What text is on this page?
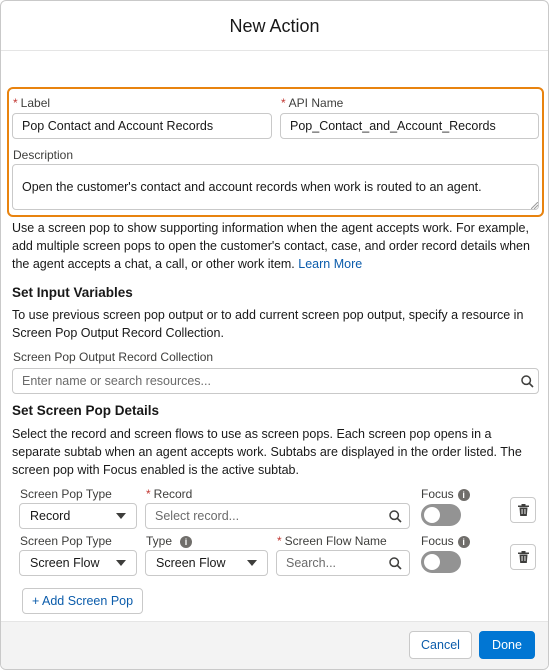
New Action
* Label
Pop Contact and Account Records
* API Name
Pop_Contact_and_Account_Records
Description
Open the customer's contact and account records when work is routed to an agent.
Use a screen pop to show supporting information when the agent accepts work. For example, add multiple screen pops to open the customer's contact, case, and order record details when the agent accepts a chat, a call, or other work item. Learn More
Set Input Variables
To use previous screen pop output or to add current screen pop output, specify a resource in Screen Pop Output Record Collection.
Screen Pop Output Record Collection
Enter name or search resources...
Set Screen Pop Details
Select the record and screen flows to use as screen pops. Each screen pop opens in a separate subtab when an agent accepts work. Subtabs are displayed in the order listed. The screen pop with Focus enabled is the active subtab.
Screen Pop Type
Record
* Record
Select record...
Focus i
Screen Pop Type
Screen Flow
Type i
Screen Flow
* Screen Flow Name
Search...
Focus i
+ Add Screen Pop
Cancel	Done
